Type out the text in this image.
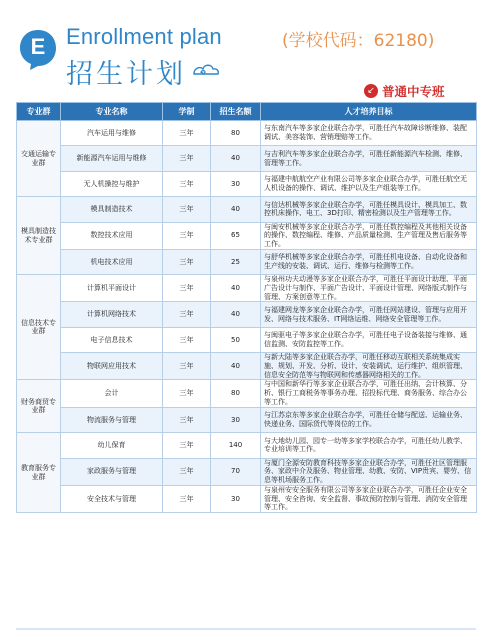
E Enrollment plan
招生计划
(学校代码：62180)
↙ 普通中专班
专业群	专业名称	学制	招生名额	人才培养目标
交通运输专业群	汽车运用与维修	三年	80	与东南汽车等多家企业联合办学，可胜任汽车故障诊断维修、装配调试、美容装饰、营销理赔等工作。
	新能源汽车运用与维修	三年	40	与吉利汽车等多家企业联合办学，可胜任新能源汽车检测、维修、管理等工作。
	无人机操控与维护	三年	30	与福建中航航空产业有限公司等多家企业联合办学，可胜任航空无人机设备的操作、调试、维护以及生产组装等工作。
模具制造技术专业群	模具制造技术	三年	40	与信达机械等多家企业联合办学，可胜任模具设计、模具加工、数控机床操作、电工、3D打印、精密检测以及生产管理等工作。
	数控技术应用	三年	65	与闽安机械等多家企业联合办学，可胜任数控编程及其他相关设备的操作、数控编程、维修、产品质量检测、生产管理及售后服务等工作。
	机电技术应用	三年	25	与舒华机械等多家企业联合办学，可胜任机电设备、自动化设备和生产线的安装、调试、运行、维修与检测等工作。
信息技术专业群	计算机平面设计	三年	40	与泉州功夫动漫等多家企业联合办学，可胜任平面设计助理、平面广告设计与制作、平面广告设计、平面设计管理、网络版式制作与管理、方案创意等工作。
	计算机网络技术	三年	40	与福建网龙等多家企业联合办学，可胜任网站建设、管理与应用开发、网络与技术服务、IT网络运维、网络安全管理等工作。
	电子信息技术	三年	50	与闽驱电子等多家企业联合办学，可胜任电子设备装接与维修、通信监测、安防监控等工作。
	物联网应用技术	三年	40	与新大陆等多家企业联合办学，可胜任移动互联相关系统集成实施、规划、开发、分析、设计、安装调试、运行维护、组织管理、信息安全防范等与物联网和传感器网络相关的工作。
财务商贸专业群	会计	三年	80	与中国和新华行等多家企业联合办学，可胜任出纳、会计核算、分析、银行工商税务等事务办理、招投标代理、商务服务、综合办公等工作。
	物流服务与管理	三年	30	与江苏京东等多家企业联合办学，可胜任仓储与配送、运输业务、快递业务、国际货代等岗位的工作。
教育服务专业群	幼儿保育	三年	140	与大地幼儿园、园专一幼等多家学校联合办学，可胜任幼儿教学、专业培训等工作。
	家政服务与管理	三年	70	与厦门全源安防教育科技等多家企业联合办学，可胜任社区管理服务、家政中介及服务、物业管理、幼教、安防、VIP贵宾、婴劳、信息等机场服务工作。
	安全技术与管理	三年	30	与泉州安安全服务有限公司等多家企业联合办学，可胜任企业安全管理、安全咨询、安全监督、事故预防控制与管理、消防安全管理等工作。
